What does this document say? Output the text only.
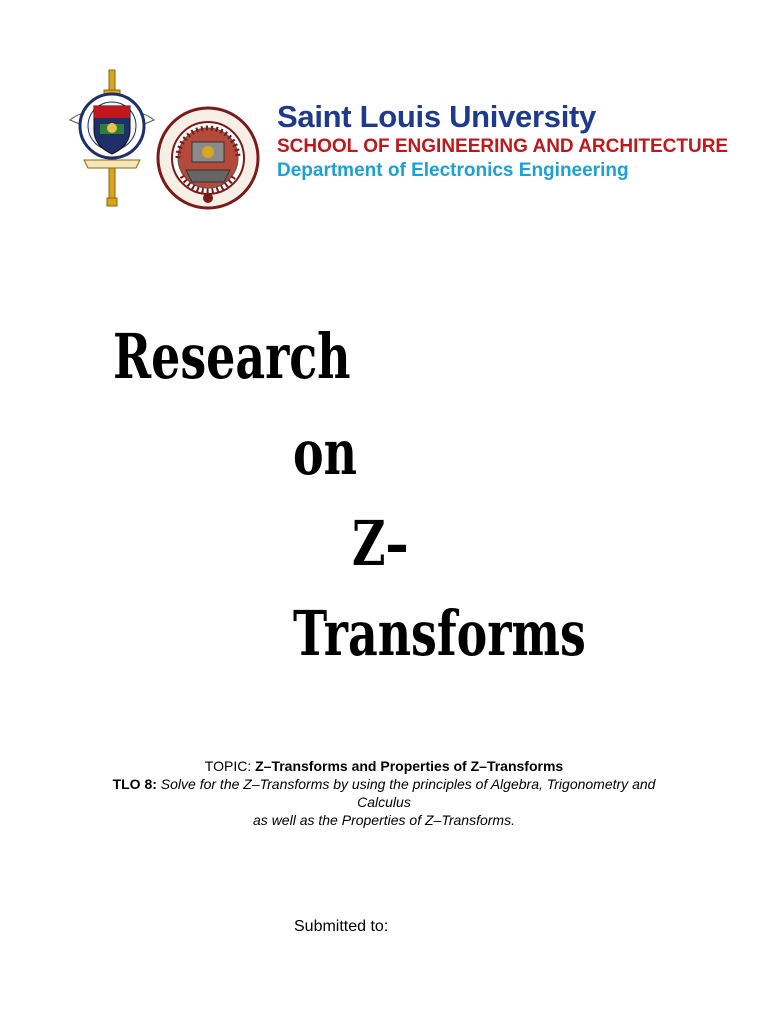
Saint Louis University

SCHOOL OF ENGINEERING AND ARCHITECTURE

Department of Electronics Engineering

Research

on

Z–

Transforms

TOPIC: Z–Transforms and Properties of Z–Transforms

TLO 8: Solve for the Z–Transforms by using the principles of Algebra, Trigonometry and

Calculus

as well as the Properties of Z–Transforms.

Submitted to:
